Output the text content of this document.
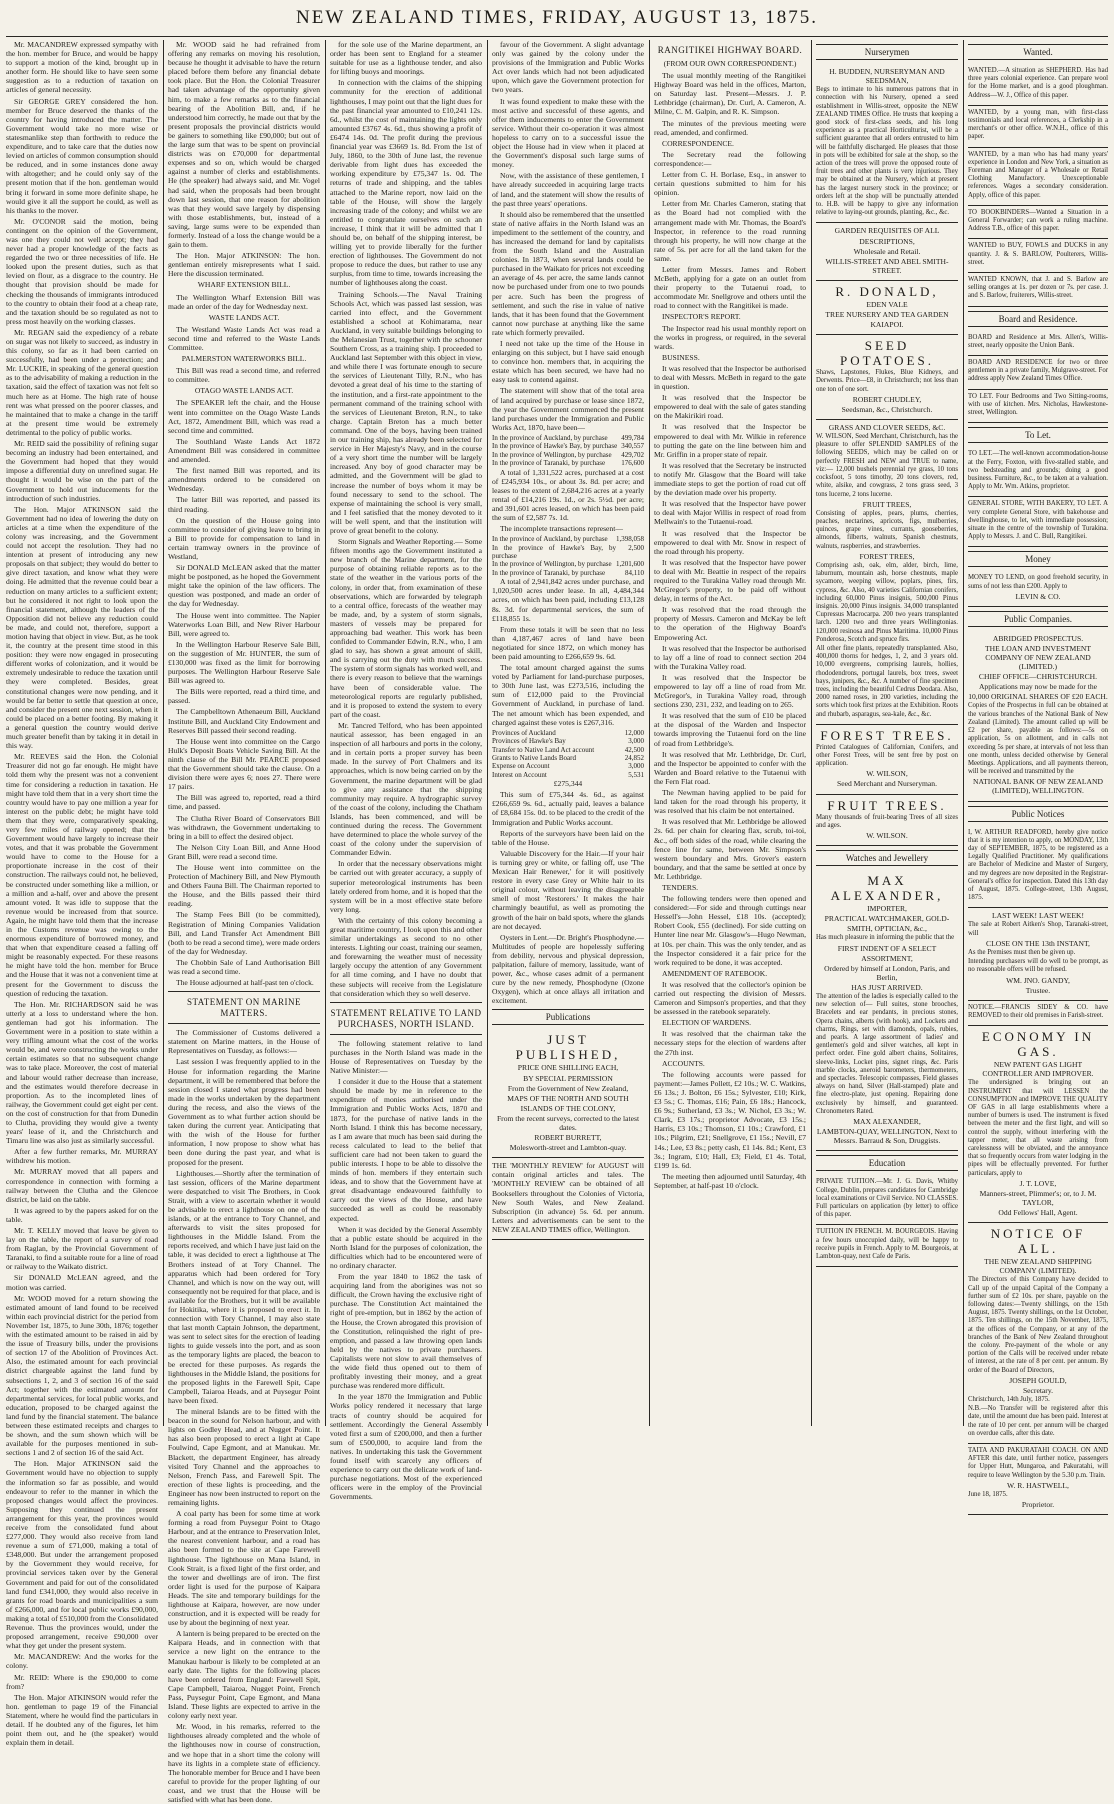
NEW ZEALAND TIMES, FRIDAY, AUGUST 13, 1875.

Mr. MACANDREW expressed sympathy with the hon. member for Bruce, and would be happy to support a motion of the kind, brought up in another form. He should like to have seen some suggestion as to a reduction of taxation on articles of general necessity.

Sir GEORGE GREY considered the hon. member for Bruce deserved the thanks of the country for having introduced the matter. The Government would take no more wise or statesmanlike step than forthwith to reduce the expenditure, and to take care that the duties now levied on articles of common consumption should be reduced, and in some instances done away with altogether; and he could only say of the present motion that if the hon. gentleman would bring it forward in some more definite shape, he would give it all the support he could, as well as his thanks to the mover.

Mr. O'CONOR said the motion, being contingent on the opinion of the Government, was one they could not well accept; they had never had a proper knowledge of the facts as regarded the two or three necessities of life. He looked upon the present duties, such as that levied on flour, as a disgrace to the country. He thought that provision should be made for checking the thousands of immigrants introduced to the country to obtain their food at a cheap rate, and the taxation should be so regulated as not to press most heavily on the working classes.

Mr. REGAN said the expediency of a rebate on sugar was not likely to succeed, as industry in this colony, so far as it had been carried on successfully, had been under a protection; and Mr. LUCKIE, in speaking of the general question as to the advisability of making a reduction in the taxation, said the effect of taxation was not felt so much here as at Home. The high rate of house rent was what pressed on the poorer classes, and he maintained that to make a change in the tariff at the present time would be extremely detrimental to the policy of public works.

Mr. REID said the possibility of refining sugar becoming an industry had been entertained, and the Government had hoped that they would impose a differential duty on unrefined sugar. He thought it would be wise on the part of the Government to hold out inducements for the introduction of such industries.

The Hon. Major ATKINSON said the Government had no idea of lowering the duty on articles at a time when the expenditure of the colony was increasing, and the Government could not accept the resolution. They had no intention at present of introducing any new proposals on that subject; they would do better to give direct taxation, and know what they were doing. He admitted that the revenue could bear a reduction on many articles to a sufficient extent; but he considered it not right to look upon the financial statement, although the leaders of the Opposition did not believe any reduction could be made, and could not, therefore, support a motion having that object in view. But, as he took it, the country at the present time stood in this position: they were now engaged in prosecuting different works of colonization, and it would be extremely undesirable to reduce the taxation until they were completed. Besides, great constitutional changes were now pending, and it would be far better to settle that question at once, and consider the present one next session, when it could be placed on a better footing. By making it a general question the country would derive much greater benefit than by taking it in detail in this way.

Mr. REEVES said the Hon. the Colonial Treasurer did not go far enough. He might have told them why the present was not a convenient time for considering a reduction in taxation. He might have told them that in a very short time the country would have to pay one million a year for interest on the public debt; he might have told them that they were, comparatively speaking, very few miles of railway opened; that the Government would have largely to increase their votes, and that it was probable the Government would have to come to the House for a proportionate increase in the cost of their construction. The railways could not, he believed, be constructed under something like a million, or a million and a-half, over and above the present amount voted. It was idle to suppose that the revenue would be increased from that source. Again, he might have told them that the increase in the Customs revenue was owing to the enormous expenditure of borrowed money, and that when that expenditure ceased a falling off might be reasonably expected. For these reasons he might have told the hon. member for Bruce and the House that it was not a convenient time at present for the Government to discuss the question of reducing the taxation.

The Hon. Mr. RICHARDSON said he was utterly at a loss to understand where the hon. gentleman had got his information. The Government were in a position to state within a very trifling amount what the cost of the works would be, and were constructing the works under certain estimates so that no subsequent change was to take place. Moreover, the cost of material and labour would rather decrease than increase, and the estimates would therefore decrease in proportion. As to the incompleted lines of railway, the Government could get eight per cent. on the cost of construction for that from Dunedin to Clutha, providing they would give a twenty years' lease of it, and the Christchurch and Timaru line was also just as similarly successful.

After a few further remarks, Mr. MURRAY withdrew his motion.

Mr. MURRAY moved that all papers and correspondence in connection with forming a railway between the Clutha and the Glencoe district, be laid on the table.

It was agreed to by the papers asked for on the table.

Mr. T. KELLY moved that leave be given to lay on the table, the report of a survey of road from Raglan, by the Provincial Government of Taranaki, to find a suitable route for a line of road or railway to the Waikato district.

Sir DONALD McLEAN agreed, and the motion was carried.

Mr. WOOD moved for a return showing the estimated amount of land found to be received within each provincial district for the period from November 1st, 1875, to June 30th, 1876; together with the estimated amount to be raised in aid by the issue of Treasury bills, under the provisions of section 17 of the Abolition of Provinces Act. Also, the estimated amount for each provincial district chargeable against the land fund by subsections 1, 2, and 3 of section 16 of the said Act; together with the estimated amount for departmental services, for local public works, and education, proposed to be charged against the land fund by the financial statement. The balance between these estimated receipts and charges to be shown, and the sum shown which will be available for the purposes mentioned in sub-sections 1 and 2 of section 16 of the said Act.

The Hon. Major ATKINSON said the Government would have no objection to supply the information so far as possible, and would endeavour to refer to the manner in which the proposed changes would affect the provinces. Supposing they continued the present arrangement for this year, the provinces would receive from the consolidated fund about £277,000. They would also receive from land revenue a sum of £71,000, making a total of £348,000. But under the arrangement proposed by the Government they would receive, for provincial services taken over by the General Government and paid for out of the consolidated land fund £341,000, they would also receive in grants for road boards and municipalities a sum of £266,000, and for local public works £90,000, making a total of £510,000 from the Consolidated Revenue. Thus the provinces would, under the proposed arrangement, receive £90,000 over what they get under the present system.

Mr. MACANDREW: And the works for the colony.

Mr. REID: Where is the £90,000 to come from?

The Hon. Major ATKINSON would refer the hon. gentleman to page 19 of the Financial Statement, where he would find the particulars in detail. If he doubted any of the figures, let him point them out, and he (the speaker) would explain them in detail.

Mr. WOOD said he had refrained from offering any remarks on moving his resolution, because he thought it advisable to have the return placed before them before any financial debate took place. But the Hon. the Colonial Treasurer had taken advantage of the opportunity given him, to make a few remarks as to the financial bearing of the Abolition Bill, and, if he understood him correctly, he made out that by the present proposals the provincial districts would be gainers to something like £90,000; but out of the large sum that was to be spent on provincial districts was on £70,000 for departmental expenses and so on, which would be charged against a number of clerks and establishments. He (the speaker) had always said, and Mr. Vogel had said, when the proposals had been brought down last session, that one reason for abolition was that they would save largely by dispensing with those establishments, but, instead of a saving, large sums were to be expended than formerly. Instead of a loss the change would be a gain to them.

The Hon. Major ATKINSON: The hon. gentleman entirely misrepresents what I said. Here the discussion terminated.

WHARF EXTENSION BILL.

The Wellington Wharf Extension Bill was made an order of the day for Wednesday next.

WASTE LANDS ACT.

The Westland Waste Lands Act was read a second time and referred to the Waste Lands Committee.

PALMERSTON WATERWORKS BILL.

This Bill was read a second time, and referred to committee.

OTAGO WASTE LANDS ACT.

The SPEAKER left the chair, and the House went into committee on the Otago Waste Lands Act, 1872, Amendment Bill, which was read a second time and committed.

The Southland Waste Lands Act 1872 Amendment Bill was considered in committee and amended.

The first named Bill was reported, and its amendments ordered to be considered on Wednesday.

The latter Bill was reported, and passed its third reading.

On the question of the House going into committee to consider of giving leave to bring in a Bill to provide for compensation to land in certain tramway owners in the province of Westland,

Sir DONALD McLEAN asked that the matter might be postponed, as he hoped the Government might take the opinion of the law officers. The question was postponed, and made an order of the day for Wednesday.

The House went into committee. The Napier Waterworks Loan Bill, and New River Harbour Bill, were agreed to.

In the Wellington Harbour Reserve Sale Bill, on the suggestion of Mr. HUNTER, the sum of £130,000 was fixed as the limit for borrowing purposes. The Wellington Harbour Reserve Sale Bill was agreed to.

The Bills were reported, read a third time, and passed.

The Campbelltown Athenaeum Bill, Auckland Institute Bill, and Auckland City Endowment and Reserves Bill passed their second reading.

The House went into committee on the Cargo Hulk's Deposit Boats Vehicle Saving Bill. At the ninth clause of the Bill Mr. PEARCE proposed that the Government should take the clause. On a division there were ayes 6; noes 27. There were 17 pairs.

The Bill was agreed to, reported, read a third time, and passed.

The Clutha River Board of Conservators Bill was withdrawn, the Government undertaking to bring in a bill to effect the desired object.

The Nelson City Loan Bill, and Anne Hood Grant Bill, were read a second time.

The House went into committee on the Protection of Machinery Bill, and New Plymouth and Others Fauna Bill. The Chairman reported to the House, and the Bills passed their third reading.

The Stamp Fees Bill (to be committed), Registration of Mining Companies Validation Bill, and Land Transfer Act Amendment Bill (both to be read a second time), were made orders of the day for Wednesday.

The Chobbin Sale of Land Authorisation Bill was read a second time.

The House adjourned at half-past ten o'clock.

STATEMENT ON MARINE MATTERS.

The Commissioner of Customs delivered a statement on Marine matters, in the House of Representatives on Tuesday, as follows:—

Last session I was frequently applied to in the House for information regarding the Marine department, it will be remembered that before the session closed I stated what progress had been made in the works undertaken by the department during the recess, and also the views of the Government as to what further action should be taken during the current year. Anticipating that with the wish of the House for further information, I now propose to show what has been done during the past year, and what is proposed for the present.

Lighthouses.—Shortly after the termination of last session, officers of the Marine department were despatched to visit The Brothers, in Cook Strait, with a view to ascertain whether it would be advisable to erect a lighthouse on one of the islands, or at the entrance to Tory Channel, and afterwards to visit the sites proposed for lighthouses in the Middle Island. From the reports received, and which I have just laid on the table, it was decided to erect a lighthouse at The Brothers instead of at Tory Channel. The apparatus which had been ordered for Tory Channel, and which is now on the way out, will consequently not be required for that place, and is available for the Brothers, but it will be available for Hokitika, where it is proposed to erect it. In connection with Tory Channel, I may also state that last month Captain Johnson, the department, was sent to select sites for the erection of leading lights to guide vessels into the port, and as soon as the temporary lights are placed, the beacon to be erected for these purposes. As regards the lighthouses in the Middle Island, the positions for the proposed lights in the Farewell Spit, Cape Campbell, Taiaroa Heads, and at Puysegur Point have been fixed.

The mineral Islands are to be fitted with the beacon in the sound for Nelson harbour, and with lights on Godley Head, and at Nugget Point. It has also been proposed to erect a light at Cape Foulwind, Cape Egmont, and at Manukau. Mr. Blackett, the department Engineer, has already visited Tory Channel and the approaches to Nelson, French Pass, and Farewell Spit. The erection of these lights is proceeding, and the Engineer has now been instructed to report on the remaining lights.

A coal party has been for some time at work forming a road from Puysegur Point to Otago Harbour, and at the entrance to Preservation Inlet, the nearest convenient harbour, and a road has also been formed to the site at Cape Farewell lighthouse. The lighthouse on Mana Island, in Cook Strait, is a fixed light of the first order, and the tower and dwellings are of iron. The first order light is used for the purpose of Kaipara Heads. The site and temporary buildings for the lighthouse at Kaipara, however, are now under construction, and it is expected will be ready for use by about the beginning of next year.

A lantern is being prepared to be erected on the Kaipara Heads, and in connection with that service a new light on the entrance to the Manukau harbour is likely to be completed at an early date. The lights for the following places have been ordered from England: Farewell Spit, Cape Campbell, Taiaroa, Nugget Point, French Pass, Puysegur Point, Cape Egmont, and Mana Island. These lights are expected to arrive in the colony early next year.

Mr. Wood, in his remarks, referred to the lighthouses already completed and the whole of the lighthouses now in course of construction, and we hope that in a short time the colony will have its lights in a complete state of efficiency. The honorable member for Bruce and I have been careful to provide for the proper lighting of our coast, and we trust that the House will be satisfied with what has been done.

for the sole use of the Marine department, an order has been sent to England for a steamer suitable for use as a lighthouse tender, and also for lifting buoys and moorings.

In connection with the claims of the shipping community for the erection of additional lighthouses, I may point out that the light dues for the past financial year amounted to £10,241 12s. 6d., whilst the cost of maintaining the lights only amounted £3767 4s. 6d., thus showing a profit of £6474 14s. 0d. The profit during the previous financial year was £3669 1s. 8d. From the 1st of July, 1860, to the 30th of June last, the revenue derivable from light dues has exceeded the working expenditure by £75,347 1s. 0d. The returns of trade and shipping, and the tables attached to the Marine report, now laid on the table of the House, will show the largely increasing trade of the colony; and whilst we are entitled to congratulate ourselves on such an increase, I think that it will be admitted that I should be, on behalf of the shipping interest, be willing yet to provide liberally for the further erection of lighthouses. The Government do not propose to reduce the dues, but rather to use any surplus, from time to time, towards increasing the number of lighthouses along the coast.

Training Schools.—The Naval Training Schools Act, which was passed last session, was carried into effect, and the Government established a school at Kohimarama, near Auckland, in very suitable buildings belonging to the Melanesian Trust, together with the schooner Southern Cross, as a training ship. I proceeded to Auckland last September with this object in view, and while there I was fortunate enough to secure the services of Lieutenant Tilly, R.N., who has devoted a great deal of his time to the starting of the institution, and a first-rate appointment to the permanent command of the training school with the services of Lieutenant Breton, R.N., to take charge. Captain Breton has a much better command. One of the boys, having been trained in our training ship, has already been selected for service in Her Majesty's Navy, and in the course of a very short time the number will be largely increased. Any boy of good character may be admitted, and the Government will be glad to increase the number of boys whom it may be found necessary to send to the school. The expense of maintaining the school is very small, and I feel satisfied that the money devoted to it will be well spent, and that the institution will prove of great benefit to the colony.

Storm Signals and Weather Reporting.— Some fifteen months ago the Government instituted a new branch of the Marine department, for the purpose of obtaining reliable reports as to the state of the weather in the various ports of the colony, in order that, from examination of these observations, which are forwarded by telegraph to a central office, forecasts of the weather may be made, and, by a system of storm signals, masters of vessels may be prepared for approaching bad weather. This work has been confided to Commander Edwin, R.N., who, I am glad to say, has shown a great amount of skill, and is carrying out the duty with much success. The system of storm signals has worked well, and there is every reason to believe that the warnings have been of considerable value. The meteorological reports are regularly published, and it is proposed to extend the system to every part of the coast.

Mr. Tancred Telford, who has been appointed nautical assessor, has been engaged in an inspection of all harbours and ports in the colony, and in certain ports a proper survey has been made. In the survey of Port Chalmers and its approaches, which is now being carried on by the Government, the marine department will be glad to give any assistance that the shipping community may require. A hydrographic survey of the coast of the colony, including the Chatham Islands, has been commenced, and will be continued during the recess. The Government have determined to place the whole survey of the coast of the colony under the supervision of Commander Edwin.

In order that the necessary observations might be carried out with greater accuracy, a supply of superior meteorological instruments has been lately ordered from home, and it is hoped that the system will be in a most effective state before very long.

With the certainty of this colony becoming a great maritime country, I look upon this and other similar undertakings as second to no other interests. Lighting our coast, training our seamen, and forewarning the weather must of necessity largely occupy the attention of any Government for all time coming, and I have no doubt that these subjects will receive from the Legislature that consideration which they so well deserve.

STATEMENT RELATIVE TO LAND PURCHASES, NORTH ISLAND.

The following statement relative to land purchases in the North Island was made in the House of Representatives on Tuesday by the Native Minister:—

I consider it due to the House that a statement should be made by me in reference to the expenditure of monies authorised under the Immigration and Public Works Acts, 1870 and 1873, for the purchase of native lands in the North Island. I think this has become necessary, as I am aware that much has been said during the recess calculated to lead to the belief that sufficient care had not been taken to guard the public interests. I hope to be able to dissolve the minds of hon. members if they entertain such ideas, and to show that the Government have at great disadvantage endeavoured faithfully to carry out the views of the House, and have succeeded as well as could be reasonably expected.

When it was decided by the General Assembly that a public estate should be acquired in the North Island for the purposes of colonization, the difficulties which had to be encountered were of no ordinary character.

From the year 1840 to 1862 the task of acquiring land from the aborigines was not so difficult, the Crown having the exclusive right of purchase. The Constitution Act maintained the right of pre-emption, but in 1862 by the action of the House, the Crown abrogated this provision of the Constitution, relinquished the right of pre-emption, and passed a law throwing open lands held by the natives to private purchasers. Capitalists were not slow to avail themselves of the wide field thus opened out to them of profitably investing their money, and a great purchase was rendered more difficult.

In the year 1870 the Immigration and Public Works policy rendered it necessary that large tracts of country should be acquired for settlement. Accordingly the General Assembly voted first a sum of £200,000, and then a further sum of £500,000, to acquire land from the natives. In undertaking this task the Government found itself with scarcely any officers of experience to carry out the delicate work of land-purchase negotiations. Most of the experienced officers were in the employ of the Provincial Governments.

favour of the Government. A slight advantage only was gained by the colony under the provisions of the Immigration and Public Works Act over lands which had not been adjudicated upon, which gave the Government protection for two years.

It was found expedient to make these with the most active and successful of these agents, and offer them inducements to enter the Government service. Without their co-operation it was almost hopeless to carry on to a successful issue the object the House had in view when it placed at the Government's disposal such large sums of money.

Now, with the assistance of these gentlemen, I have already succeeded in acquiring large tracts of land, and the statement will show the results of the past three years' operations.

It should also be remembered that the unsettled state of native affairs in the North Island was an impediment to the settlement of the country, and has increased the demand for land by capitalists from the South Island and the Australian colonies. In 1873, when several lands could be purchased in the Waikato for prices not exceeding an average of 4s. per acre, the same lands cannot now be purchased under from one to two pounds per acre. Such has been the progress of settlement, and such the rise in value of native lands, that it has been found that the Government cannot now purchase at anything like the same rate which formerly prevailed.

I need not take up the time of the House in enlarging on this subject, but I have said enough to convince hon. members that, in acquiring the estate which has been secured, we have had no easy task to contend against.

The statement will show that of the total area of land acquired by purchase or lease since 1872, the year the Government commenced the present land purchases under the Immigration and Public Works Act, 1870, have been—

In the province of Auckland, by purchase	499,784
In the province of Hawke's Bay, by purchase	340,557
In the province of Wellington, by purchase	429,702
In the province of Taranaki, by purchase	176,600

A total of 1,331,522 acres, purchased at a cost of £245,934 10s., or about 3s. 8d. per acre; and leases to the extent of 2,684,216 acres at a yearly rental of £14,216 19s. 1d., or 2s. 5½d. per acre; and 391,601 acres leased, on which has been paid the sum of £2,587 7s. 1d.

The incomplete transactions represent—

In the province of Auckland, by purchase	1,398,058
In the province of Hawke's Bay, by purchase	2,500
In the province of Wellington, by purchase	1,201,600
In the province of Taranaki, by purchase	84,110

A total of 2,941,842 acres under purchase, and 1,020,500 acres under lease. In all, 4,484,344 acres, on which has been paid, including £13,128 8s. 3d. for departmental services, the sum of £118,855 1s.

From these totals it will be seen that no less than 4,187,467 acres of land have been negotiated for since 1872, on which money has been paid amounting to £266,659 9s. 6d.

The total amount charged against the sums voted by Parliament for land-purchase purposes, to 30th June last, was £273,516, including the sum of £12,000 paid to the Provincial Government of Auckland, in purchase of land. The net amount which has been expended, and charged against these votes is £267,316.

Provinces of Auckland	12,000
Provinces of Hawke's Bay	3,000
Transfer to Native Land Act account	42,500
Grants to Native Lands Board	24,852
Expense on Account	3,000
Interest on Account	5,531

£275,344

This sum of £75,344 4s. 6d., as against £266,659 9s. 6d., actually paid, leaves a balance of £8,684 15s. 0d. to be placed to the credit of the Immigration and Public Works account.

Reports of the surveyors have been laid on the table of the House.

Valuable Discovery for the Hair.—If your hair is turning grey or white, or falling off, use 'The Mexican Hair Renewer,' for it will positively restore in every case Grey or White hair to its original colour, without leaving the disagreeable smell of most 'Restorers.' It makes the hair charmingly beautiful, as well as promoting the growth of the hair on bald spots, where the glands are not decayed.

Oysters in Lent.—Dr. Bright's Phosphodyne.—Multitudes of people are hopelessly suffering from debility, nervous and physical depression, palpitation, failure of memory, lassitude, want of power, &c., whose cases admit of a permanent cure by the new remedy, Phosphodyne (Ozone Oxygen), which at once allays all irritation and excitement.

Publications

JUST PUBLISHED,

PRICE ONE SHILLING EACH,

BY SPECIAL PERMISSION

From the Government of New Zealand,

MAPS OF THE NORTH AND SOUTH

ISLANDS OF THE COLONY,

From the recent surveys, corrected to the latest dates.

ROBERT BURRETT,

Molesworth-street and Lambton-quay.

THE 'MONTHLY REVIEW' for AUGUST will contain original articles and tales. The 'MONTHLY REVIEW' can be obtained of all Booksellers throughout the Colonies of Victoria, New South Wales, and New Zealand. Subscription (in advance) 5s. 6d. per annum. Letters and advertisements can be sent to the NEW ZEALAND TIMES office, Wellington.

RANGITIKEI HIGHWAY BOARD.
(FROM OUR OWN CORRESPONDENT.)

The usual monthly meeting of the Rangitikei Highway Board was held in the offices, Marton, on Saturday last. Present—Messrs. J. P. Lethbridge (chairman), Dr. Curl, A. Cameron, A. Milne, C. M. Galpin, and R. K. Simpson.

The minutes of the previous meeting were read, amended, and confirmed.

CORRESPONDENCE.

The Secretary read the following correspondence:—

Letter from C. H. Borlase, Esq., in answer to certain questions submitted to him for his opinion.

Letter from Mr. Charles Cameron, stating that as the Board had not complied with the arrangement made with Mr. Thomas, the Board's Inspector, in reference to the road running through his property, he will now charge at the rate of 5s. per acre for all the land taken for the same.

Letter from Messrs. James and Robert McBeth, applying for a gate on an outlet from their property to the Tutaenui road, to accommodate Mr. Snellgrove and others until the road to connect with the Rangitikei is made.

INSPECTOR'S REPORT.

The Inspector read his usual monthly report on the works in progress, or required, in the several wards.

BUSINESS.

It was resolved that the Inspector be authorised to deal with Messrs. McBeth in regard to the gate in question.

It was resolved that the Inspector be empowered to deal with the sale of gates standing on the Makirikiri road.

It was resolved that the Inspector be empowered to deal with Mr. Wilkie in reference to putting the gate on the line between him and Mr. Griffin in a proper state of repair.

It was resolved that the Secretary be instructed to notify Mr. Glasgow that the Board will take immediate steps to get the portion of road cut off by the deviation made over his property.

It was resolved that the Inspector have power to deal with Major Willis in respect of road from Mellwain's to the Tutaenui-road.

It was resolved that the Inspector be empowered to deal with Mr. Snow in respect of the road through his property.

It was resolved that the Inspector have power to deal with Mr. Beattie in respect of the repairs required to the Turakina Valley road through Mr. McGregor's property, to be paid off without delay, in terms of the Act.

It was resolved that the road through the property of Messrs. Cameron and McKay be left to the operation of the Highway Board's Empowering Act.

It was resolved that the Inspector be authorised to lay off a line of road to connect section 204 with the Turakina Valley road.

It was resolved that the Inspector be empowered to lay off a line of road from Mr. McGregor's, in Turakina Valley road, through sections 230, 231, 232, and leading on to 265.

It was resolved that the sum of £10 be placed at the disposal of the Warden and Inspector towards improving the Tutaenui ford on the line of road from Lethbridge's.

It was resolved that Mr. Lethbridge, Dr. Curl, and the Inspector be appointed to confer with the Warden and Board relative to the Tutaenui with the Fern Flat road.

The Newman having applied to be paid for land taken for the road through his property, it was resolved that his claim be not entertained.

It was resolved that Mr. Lethbridge be allowed 2s. 6d. per chain for clearing flax, scrub, toi-toi, &c., off both sides of the road, while clearing the fence line for same, between Mr. Simpson's western boundary and Mrs. Grover's eastern boundary, and that the same be settled at once by Mr. Lethbridge.

TENDERS.

The following tenders were then opened and considered:—For side and through cuttings near Hessell's—John Hessel, £18 10s. (accepted); Robert Cook, £55 (declined). For side cutting on Hunter line near Mr. Glasgow's—Hugo Newman, at 10s. per chain. This was the only tender, and as the Inspector considered it a fair price for the work required to be done, it was accepted.

AMENDMENT OF RATEBOOK.

It was resolved that the collector's opinion be carried out respecting the division of Messrs. Cameron and Simpson's properties, and that they be assessed in the ratebook separately.

ELECTION OF WARDENS.

It was resolved that the chairman take the necessary steps for the election of wardens after the 27th inst.

ACCOUNTS.

The following accounts were passed for payment:—James Pollett, £2 10s.; W. C. Watkins, £6 13s.; J. Bolton, £6 15s.; Sylvester, £10; Kirk, £3 5s.; C. Thomas, £16; Pain, £6 18s.; Hancock, £6 9s.; Sutherland, £3 3s.; W. Nichol, £3 3s.; W. Clark, £3 17s.; proprietor Advocate, £3 15s.; Harris, £3 10s.; Thomson, £1 10s.; Crawford, £1 10s.; Pilgrim, £21; Snellgrove, £1 15s.; Nevill, £7 14s.; Lee, £3 8s.; petty cash, £1 14s. 8d.; Kent, £3 3s.; Ingram, £10; Hall, £3; Field, £1 4s. Total, £199 1s. 6d.

The meeting then adjourned until Saturday, 4th September, at half-past 10 o'clock.

Nurserymen

H. BUDDEN, NURSERYMAN AND SEEDSMAN,

Begs to intimate to his numerous patrons that in connection with his Nursery, opened a seed establishment in Willis-street, opposite the NEW ZEALAND TIMES Office. He trusts that keeping a good stock of first-class seeds, and his long experience as a practical Horticulturist, will be a sufficient guarantee that all orders entrusted to him will be faithfully discharged. He pleases that those in pots will be exhibited for sale at the shop, so the action of the trees will prove the opposed route of fruit trees and other plants is very injurious. They may be obtained at the Nursery, which at present has the largest nursery stock in the province; or orders left at the shop will be punctually attended to. H.B. will be happy to give any information relative to laying-out grounds, planting, &c., &c.

GARDEN REQUISITES OF ALL

DESCRIPTIONS,

Wholesale and Retail.

WILLIS-STREET AND ABEL SMITH-STREET.

R. DONALD,

EDEN VALE

TREE NURSERY AND TEA GARDEN

KAIAPOI.

SEED POTATOES.

Shaws, Lapstones, Flukes, Blue Kidneys, and Derwents. Price—£8, in Christchurch; not less than one ton of one sort.

ROBERT CHUDLEY,

Seedsman, &c., Christchurch.

GRASS AND CLOVER SEEDS, &C.

W. WILSON, Seed Merchant, Christchurch, has the pleasure to offer SPLENDID SAMPLES of the following SEEDS, which may be called on or perfectly FRESH and NEW and TRUE to name, viz:— 12,000 bushels perennial rye grass, 10 tons cocksfoot, 5 tons timothy, 20 tons clovers, red, white, alsike, and cowgrass, 2 tons grass seed, 3 tons lucerne, 2 tons lucerne.

FRUIT TREES,

Consisting of apples, pears, plums, cherries, peaches, nectarines, apricots, figs, mulberries, quinces, grape vines, currants, gooseberries, almonds, filberts, walnuts, Spanish chestnuts, walnuts, raspberries, and strawberries.

FOREST TREES,

Comprising ash, oak, elm, alder, birch, lime, laburnum, mountain ash, horse chestnuts, maple sycamore, weeping willow, poplars, pines, firs, cypress, &c. Also, 40 varieties Californian conifers, including 60,000 Pinus insignis, 500,000 Pinus insignis. 20,000 Pinus insignis. 34,000 transplanted Cupressus Macrocarpa. 200 two years transplanted larch. 1200 two and three years Wellingtonias. 120,000 resinosa and Pinus Maritima. 10,000 Pinus Ponderosa, Scotch and spruce firs.

All other fine plants, repeatedly transplanted. Also, 400,000 thorns for hedges, 1, 2, and 3 years old. 10,000 evergreens, comprising laurels, hollies, rhododendrons, portugal laurels, box trees, sweet bays, junipers, &c., &c. A number of fine specimen trees, including the beautiful Cedrus Deodara. Also, 2000 named roses, in 200 varieties, including the sorts which took first prizes at the Exhibition. Roots and rhubarb, asparagus, sea-kale, &c., &c.

FOREST TREES.

Printed Catalogues of Californian, Conifers, and other Forest Trees, will be sent free by post on application.

W. WILSON,

Seed Merchant and Nurseryman.

FRUIT TREES.

Many thousands of fruit-bearing Trees of all sizes and ages.

W. WILSON.

Watches and Jewellery

MAX ALEXANDER,

IMPORTER,

PRACTICAL WATCHMAKER, GOLD-

SMITH, OPTICIAN, &c.,

Has much pleasure in informing the public that the

FIRST INDENT OF A SELECT

ASSORTMENT,

Ordered by himself at London, Paris, and Berlin,

HAS JUST ARRIVED.

The attention of the ladies is especially called to the new selection of— Full suites, stone brooches, Bracelets and ear pendants, in precious stones, Opera chains, alberts (with hook), and Lockets and charms, Rings, set with diamonds, opals, rubies, and pearls. A large assortment of ladies' and gentlemen's gold and silver watches, all kept in perfect order. Fine gold albert chains, Solitaires, sleeve-links, Locket pins, signet rings, &c. Paris marble clocks, aneroid barometers, thermometers, and spectacles. Telescopic compasses, Field glasses always on hand, Silver (Hall-stamped) plate and fine electro-plate, just opening. Repairing done exclusively by himself, and guaranteed. Chronometers Rated.

MAX ALEXANDER,

LAMBTON-QUAY, WELLINGTON, Next to Messrs. Barraud & Son, Druggists.

Education

PRIVATE TUITION.—Mr. J. G. Davis, Whitby College, Dublin, prepares candidates for Cambridge local examinations or Civil Service. NO CLASSES. Full particulars on application (by letter) to office of this paper.

TUITION IN FRENCH. M. BOURGEOIS. Having a few hours unoccupied daily, will be happy to receive pupils in French. Apply to M. Bourgeois, at Lambton-quay, next Cafe de Paris.

Wanted.

WANTED.—A situation as SHEPHERD. Has had three years colonial experience. Can prepare wool for the Home market, and is a good ploughman. Address—W. J., Office of this paper.

WANTED, by a young man, with first-class testimonials and local references, a Clerkship in a merchant's or other office. W.N.H., office of this paper.

WANTED, by a man who has had many years' experience in London and New York, a situation as Foreman and Manager of a Wholesale or Retail Clothing Manufactory. Unexceptionable references. Wages a secondary consideration. Apply, office of this paper.

TO BOOKBINDERS—Wanted a Situation in a General Forwarder; can work a ruling machine. Address T.B., office of this paper.

WANTED to BUY, FOWLS and DUCKS in any quantity. J. & S. BARLOW, Poulterers, Willis-street.

WANTED KNOWN, that J. and S. Barlow are selling oranges at 1s. per dozen or 7s. per case. J. and S. Barlow, fruiterers, Willis-street.

Board and Residence.

BOARD and Residence at Mrs. Allen's, Willis-street, nearly opposite the Union Bank.

BOARD AND RESIDENCE for two or three gentlemen in a private family, Mulgrave-street. For address apply New Zealand Times Office.

TO LET. Four Bedrooms and Two Sitting-rooms, with use of kitchen. Mrs. Nicholas, Hawkestone-street, Wellington.

To Let.

TO LET.—The well-known accommodation-house at the Ferry, Foxton, with five-stalled stable, and two bedsteading and grounds; doing a good business. Furniture, &c., to be taken at a valuation. Apply to Mr. Wm. Atkins, proprietor.

GENERAL STORE, WITH BAKERY, TO LET. A very complete General Store, with bakehouse and dwellinghouse, to let, with immediate possession; situate in the centre of the township of Turakina. Apply to Messrs. J. and C. Bull, Rangitikei.

Money

MONEY TO LEND, on good freehold security, in sums of not less than £200. Apply to

LEVIN & CO.

Public Companies.

ABRIDGED PROSPECTUS.

THE LOAN AND INVESTMENT COMPANY OF NEW ZEALAND (LIMITED.)

CHIEF OFFICE—CHRISTCHURCH.

Applications may now be made for the

10,000 ORIGINAL SHARES OF £20 EACH.

Copies of the Prospectus in full can be obtained at the various branches of the National Bank of New Zealand (Limited). The amount called up will be £2 per share, payable as follows:—5s on application, 5s on allotment, and in calls not exceeding 5s per share, at intervals of not less than one month, unless decided otherwise by General Meetings. Applications, and all payments thereon, will be received and transmitted by the

NATIONAL BANK OF NEW ZEALAND (LIMITED), WELLINGTON.

Public Notices

I, W. ARTHUR READFORD, hereby give notice that it is my intention to apply, on MONDAY, 13th day of SEPTEMBER, 1875, to be registered as a Legally Qualified Practitioner. My qualifications are Bachelor of Medicine and Master of Surgery, and my degrees are now deposited in the Registrar-General's office for inspection. Dated this 13th day of August, 1875. College-street, 13th August, 1875.

LAST WEEK! LAST WEEK!

The sale at Robert Aitken's Shop, Taranaki-street, will

CLOSE ON THE 13th INSTANT,

As the Premises must then be given up.

Intending purchasers will do well to be prompt, as no reasonable offers will be refused.

WM. JNO. GANDY,

Trustee.

NOTICE.—FRANCIS SIDEY & CO. have REMOVED to their old premises in Farish-street.

ECONOMY IN GAS.

NEW PATENT GAS LIGHT CONTROLLER AND IMPROVER.

The undersigned is bringing out an INSTRUMENT that will LESSEN the CONSUMPTION and IMPROVE THE QUALITY OF GAS in all large establishments where a number of burners is used. The instrument is fixed between the meter and the first light, and will so control the supply, without interfering with the tapper meter, that all waste arising from carelessness will be obviated, and the annoyance that so frequently occurs from water lodging in the pipes will be effectually prevented. For further particulars, apply to

J. T. LOVE,

Manners-street, Plimmer's; or, to J. M. TAYLOR,

Odd Fellows' Hall, Agent.

NOTICE OF ALL.

THE NEW ZEALAND SHIPPING COMPANY (LIMITED).

The Directors of this Company have decided to Call up of the unpaid Capital of the Company a further sum of £2 10s. per share, payable on the following dates:—Twenty shillings, on the 15th August, 1875. Twenty shillings, on the 1st October, 1875. Ten shillings, on the 15th November, 1875, at the offices of the Company, or at any of the branches of the Bank of New Zealand throughout the colony. Pre-payment of the whole or any portion of the Calls will be received under rebate of interest, at the rate of 8 per cent. per annum. By order of the Board of Directors,

JOSEPH GOULD,

Secretary.

Christchurch, 14th July, 1875.

N.B.—No Transfer will be registered after this date, until the amount due has been paid. Interest at the rate of 10 per cent. per annum will be charged on overdue calls, after this date.

TAITA AND PAKURATAHI COACH. ON AND AFTER this date, until further notice, passengers for Upper Hutt, Mungaroa, and Pakuratahi, will require to leave Wellington by the 5.30 p.m. Train.

W. R. HASTWELL,

June 18, 1875.

Proprietor.
